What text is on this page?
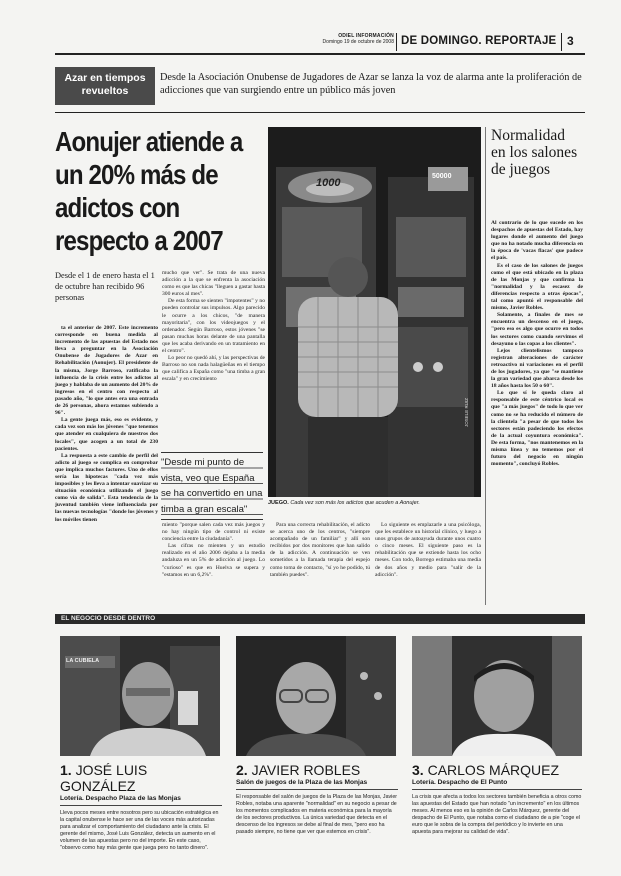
ODIEL INFORMACIÓN
Domingo 19 de octubre de 2008 DE DOMINGO. REPORTAJE 3
Azar en tiempos
revueltos
Desde la Asociación Onubense de Jugadores de Azar se lanza la voz de alarma ante la proliferación de adicciones que van surgiendo entre un público más joven
Aonujer atiende a un 20% más de adictos con respecto a 2007
Desde el 1 de enero hasta el 1 de octubre han recibido 96 personas
1000
50000
JOSELE RUIZ
JUEGO. Cada vez son más los adictos que acuden a Aonujer.

ta el anterior de 2007. Este incremento corresponde en buena medida al incremento de las apuestas del Estado nos lleva a preguntar en la Asociación Onubense de Jugadores de Azar en Rehabilitación (Aonujer). El presidente de la misma, Jorge Barroso, ratificaba la influencia de la crisis entre los adictos al juego y hablaba de un aumento del 20% de ingresos en el centro con respecto al pasado año, "lo que antes era una entrada de 26 personas, ahora estamos subiendo a 96".

La gente juega más, eso es evidente, y cada vez son más los jóvenes "que tenemos que atender en cualquiera de nuestros dos locales", que acogen a un total de 230 pacientes.

La respuesta a este cambio de perfil del adicto al juego se complica en comprobar que implica muchos factores. Uno de ellos sería las hipotecas "cada vez más imposibles y les lleva a intentar suavizar su situación económica utilizando el juego como vía de salida". Esta tendencia de la juventud también viene influenciada por las nuevas tecnologías "donde los jóvenes y los móviles tienen

mucho que ver". Se trata de una nueva adicción a la que se enfrenta la asociación como es que las chicas "lleguen a gastar hasta 300 euros al mes".

De esta forma se sienten "impotentes" y no pueden controlar sus impulsos. Algo parecido le ocurre a los chicos, "de manera mayoritaria", con los videojuegos y el ordenador. Según Barroso, estos jóvenes "se pasan muchas horas delante de una pantalla que les acaba derivando en un tratamiento en el centro".

Lo peor no quedó ahí, y las perspectivas de Barroso no son nada halagüeñas en el tiempo que califica a España como "una timba a gran escala" y en crecimiento

"Desde mi punto de vista, veo que España se ha convertido en una timba a gran escala"

miento "porque salen cada vez más juegos y no hay ningún tipo de control ni existe conciencia entre la ciudadanía".

Las cifras no mienten y un estudio realizado en el año 2006 dejaba a la media andaluza en un 5% de adicción al juego. Lo "curioso" es que en Huelva se supera y "estamos en un 6,2%".

Para una correcta rehabilitación, el adicto se acerca uno de los centros, "siempre acompañado de un familiar" y allí son recibidos por dos monitores que han salido de la adicción. A continuación se ven sometidos a la llamada terapia del espejo como toma de contacto, "sí yo he podido, tú también puedes".

Lo siguiente es emplazarle a una psicóloga, que les establece un historial clínico, y luego a unos grupos de autoayuda durante unos cuatro o cinco meses. El siguiente paso es la rehabilitación que se extiende hasta los ocho meses. Con todo, Borrego estimaba una media de dos años y medio para "salir de la adicción".

Normalidad en los salones de juegos

Al contrario de lo que sucede en los despachos de apuestas del Estado, hay lugares donde el aumento del juego que no ha notado mucha diferencia en la época de 'vacas flacas' que padece el país.

Es el caso de los salones de juegos como el que está ubicado en la plaza de las Monjas y que confirma la "normalidad y la escasez de diferencias respecto a otras épocas", tal como apuntó el responsable del mismo, Javier Robles.

Solamente, a finales de mes se encuentra un descenso en el juego, "pero eso es algo que ocurre en todos los sectores como cuando servimos el desayuno o las copas a los clientes".

Lejos clientelismos tampoco registran alteraciones de carácter retroactivo ni variaciones en el perfil de los jugadores, ya que "se mantiene la gran variedad que abarca desde los 18 años hasta los 50 o 60".

Lo que sí le queda claro al responsable de este céntrico local es que "a más juegos" de todo lo que ver como no se ha reducido el número de la clientela "a pesar de que todos los sectores están padeciendo los efectos de la actual coyuntura económica". De esta forma, "nos mantenemos en la misma línea y no tememos por el futuro del negocio en ningún momento", concluyó Robles.

EL NEGOCIO DESDE DENTRO
LA CUBIELA
1. JOSÉ LUIS GONZÁLEZ
Lotería. Despacho Plaza de las Monjas
Lleva pocos meses entre nosotros pero su ubicación estratégica en la capital onubense le hace ser una de las voces más autorizadas para analizar el comportamiento del ciudadano ante la crisis. El gerente del mismo, José Luis González, detecta un aumento en el volumen de las apuestas pero no del importe. En este caso, "observo como hay más gente que juega pero no tanto dinero".
2. JAVIER ROBLES
Salón de juegos de la Plaza de las Monjas
El responsable del salón de juegos de la Plaza de las Monjas, Javier Robles, notaba una aparente "normalidad" en su negocio a pesar de los momentos complicados en materia económica para la mayoría de los sectores productivos. La única variedad que detecta en el descenso de los ingresos se debe al final de mes, "pero eso ha pasado siempre, no tiene que ver que estemos en crisis".
3. CARLOS MÁRQUEZ
Lotería. Despacho de El Punto
La crisis que afecta a todos los sectores también beneficia a otros como las apuestas del Estado que han notado "un incremento" en los últimos meses. Al menos eso es la opinión de Carlos Márquez, gerente del despacho de El Punto, que notaba como el ciudadano de a pie "coge el euro que le sobra de la compra del periódico y lo invierte en una apuesta para mejorar su calidad de vida".
